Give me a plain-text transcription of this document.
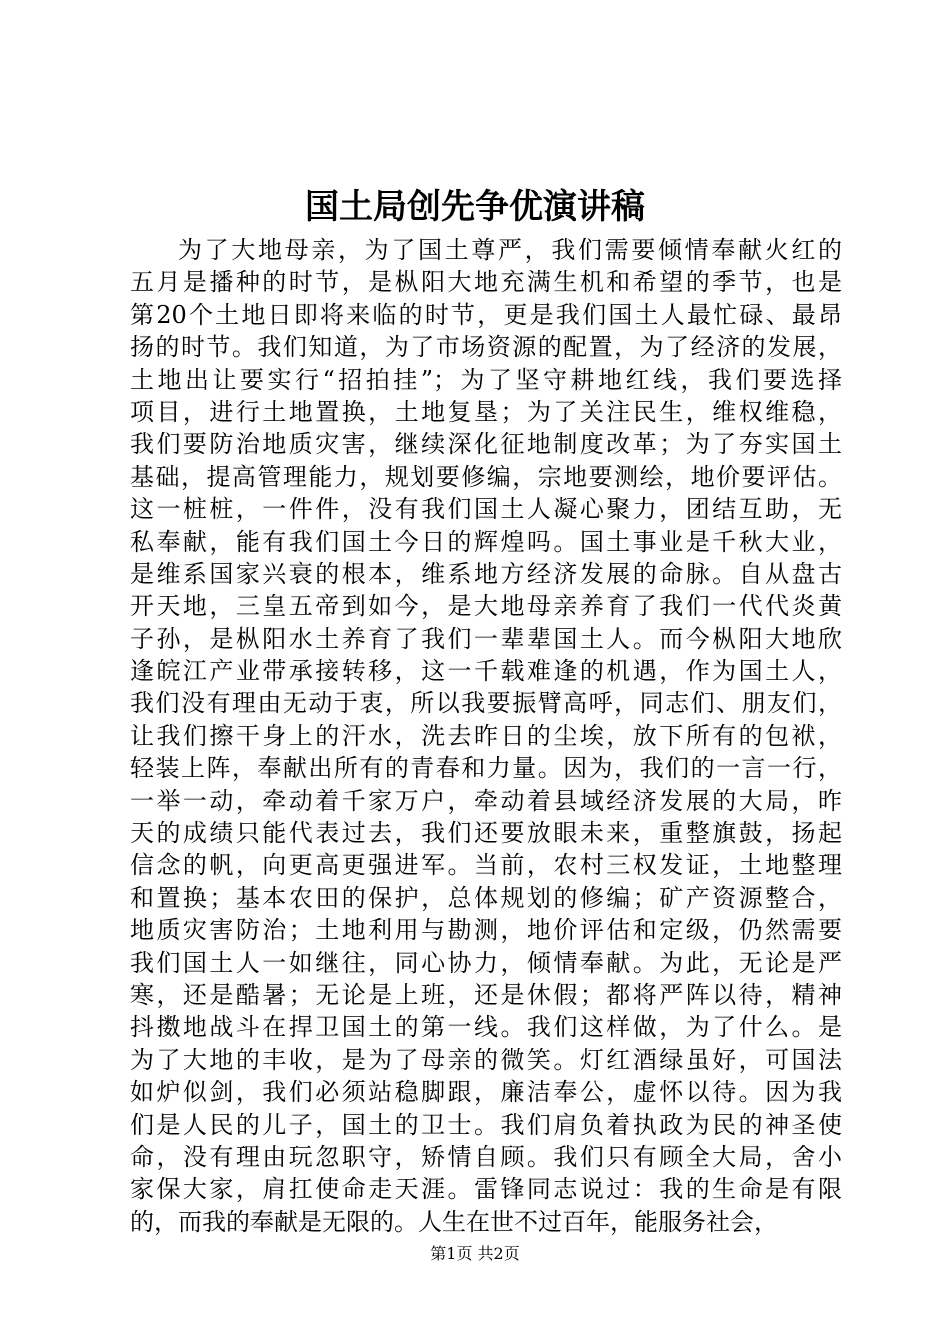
国土局创先争优演讲稿
为了大地母亲，为了国土尊严，我们需要倾情奉献火红的
五月是播种的时节，是枞阳大地充满生机和希望的季节，也是
第20个土地日即将来临的时节，更是我们国土人最忙碌、最昂
扬的时节。我们知道，为了市场资源的配置，为了经济的发展，
土地出让要实行“招拍挂”；为了坚守耕地红线，我们要选择
项目，进行土地置换，土地复垦；为了关注民生，维权维稳，
我们要防治地质灾害，继续深化征地制度改革；为了夯实国土
基础，提高管理能力，规划要修编，宗地要测绘，地价要评估。
这一桩桩，一件件，没有我们国土人凝心聚力，团结互助，无
私奉献，能有我们国土今日的辉煌吗。国土事业是千秋大业，
是维系国家兴衰的根本，维系地方经济发展的命脉。自从盘古
开天地，三皇五帝到如今，是大地母亲养育了我们一代代炎黄
子孙，是枞阳水土养育了我们一辈辈国土人。而今枞阳大地欣
逢皖江产业带承接转移，这一千载难逢的机遇，作为国土人，
我们没有理由无动于衷，所以我要振臂高呼，同志们、朋友们，
让我们擦干身上的汗水，洗去昨日的尘埃，放下所有的包袱，
轻装上阵，奉献出所有的青春和力量。因为，我们的一言一行，
一举一动，牵动着千家万户，牵动着县域经济发展的大局，昨
天的成绩只能代表过去，我们还要放眼未来，重整旗鼓，扬起
信念的帆，向更高更强进军。当前，农村三权发证，土地整理
和置换；基本农田的保护，总体规划的修编；矿产资源整合，
地质灾害防治；土地利用与勘测，地价评估和定级，仍然需要
我们国土人一如继往，同心协力，倾情奉献。为此，无论是严
寒，还是酷暑；无论是上班，还是休假；都将严阵以待，精神
抖擞地战斗在捍卫国土的第一线。我们这样做，为了什么。是
为了大地的丰收，是为了母亲的微笑。灯红酒绿虽好，可国法
如炉似剑，我们必须站稳脚跟，廉洁奉公，虚怀以待。因为我
们是人民的儿子，国土的卫士。我们肩负着执政为民的神圣使
命，没有理由玩忽职守，矫情自顾。我们只有顾全大局，舍小
家保大家，肩扛使命走天涯。雷锋同志说过：我的生命是有限
的，而我的奉献是无限的。人生在世不过百年，能服务社会，
第1页 共2页
